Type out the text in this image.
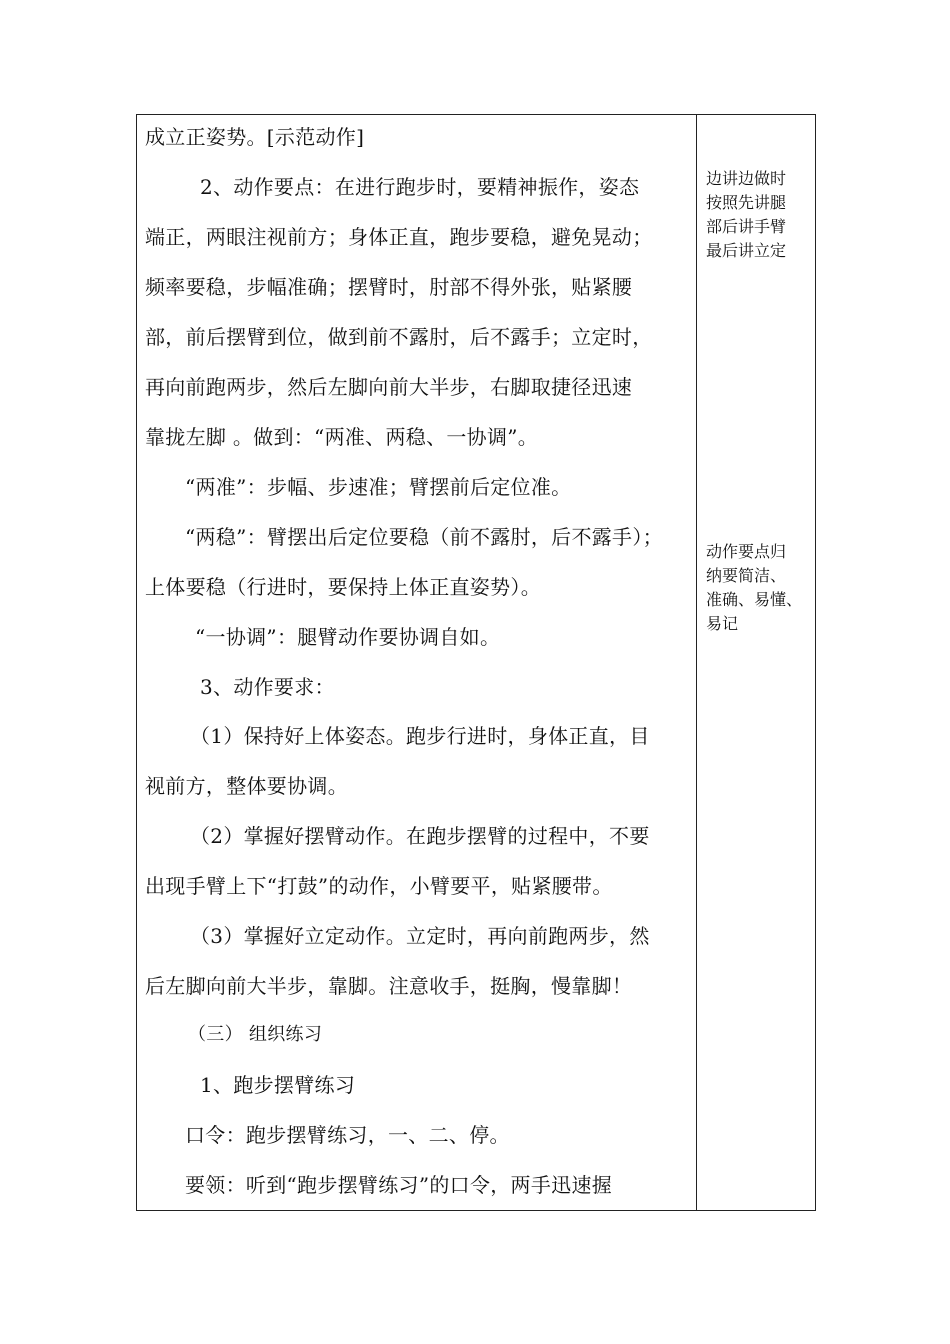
成立正姿势。[示范动作]
2、动作要点：在进行跑步时，要精神振作，姿态
端正，两眼注视前方；身体正直，跑步要稳，避免晃动；
频率要稳，步幅准确；摆臂时，肘部不得外张，贴紧腰
部，前后摆臂到位，做到前不露肘，后不露手；立定时，
再向前跑两步，然后左脚向前大半步，右脚取捷径迅速
靠拢左脚 。做到：“两准、两稳、一协调”。
“两准”：步幅、步速准；臂摆前后定位准。
“两稳”：臂摆出后定位要稳（前不露肘，后不露手）；
上体要稳（行进时，要保持上体正直姿势）。
“一协调”：腿臂动作要协调自如。
3、动作要求：
（1）保持好上体姿态。跑步行进时，身体正直，目
视前方，整体要协调。
（2）掌握好摆臂动作。在跑步摆臂的过程中，不要
出现手臂上下“打鼓”的动作，小臂要平，贴紧腰带。
（3）掌握好立定动作。立定时，再向前跑两步，然
后左脚向前大半步，靠脚。注意收手，挺胸，慢靠脚！
（三） 组织练习
1、跑步摆臂练习
口令：跑步摆臂练习，一、二、停。
要领：听到“跑步摆臂练习”的口令，两手迅速握
边讲边做时
按照先讲腿
部后讲手臂
最后讲立定
动作要点归
纳要简洁、
准确、易懂、
易记
